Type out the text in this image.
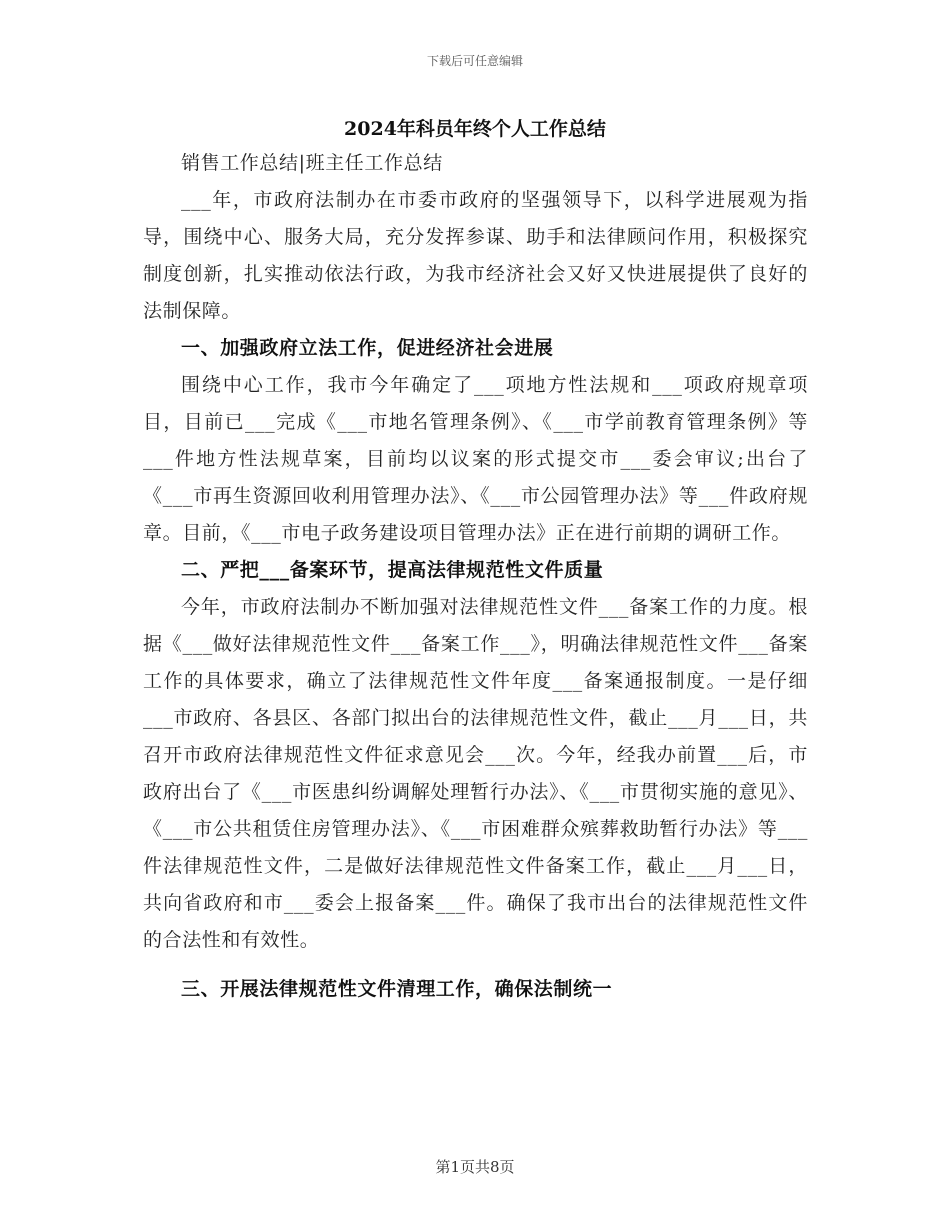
下载后可任意编辑
2024年科员年终个人工作总结

销售工作总结|班主任工作总结

___年，市政府法制办在市委市政府的坚强领导下，以科学进展观为指导，围绕中心、服务大局，充分发挥参谋、助手和法律顾问作用，积极探究制度创新，扎实推动依法行政，为我市经济社会又好又快进展提供了良好的法制保障。

一、加强政府立法工作，促进经济社会进展

围绕中心工作，我市今年确定了___项地方性法规和___项政府规章项目，目前已___完成《___市地名管理条例》、《___市学前教育管理条例》等___件地方性法规草案，目前均以议案的形式提交市___委会审议;出台了《___市再生资源回收利用管理办法》、《___市公园管理办法》等___件政府规章。目前，《___市电子政务建设项目管理办法》正在进行前期的调研工作。

二、严把___备案环节，提高法律规范性文件质量

今年，市政府法制办不断加强对法律规范性文件___备案工作的力度。根据《___做好法律规范性文件___备案工作___》，明确法律规范性文件___备案工作的具体要求，确立了法律规范性文件年度___备案通报制度。一是仔细___市政府、各县区、各部门拟出台的法律规范性文件，截止___月___日，共召开市政府法律规范性文件征求意见会___次。今年，经我办前置___后，市政府出台了《___市医患纠纷调解处理暂行办法》、《___市贯彻实施的意见》、《___市公共租赁住房管理办法》、《___市困难群众殡葬救助暂行办法》等___件法律规范性文件，二是做好法律规范性文件备案工作，截止___月___日，共向省政府和市___委会上报备案___件。确保了我市出台的法律规范性文件的合法性和有效性。

三、开展法律规范性文件清理工作，确保法制统一
第1页共8页
